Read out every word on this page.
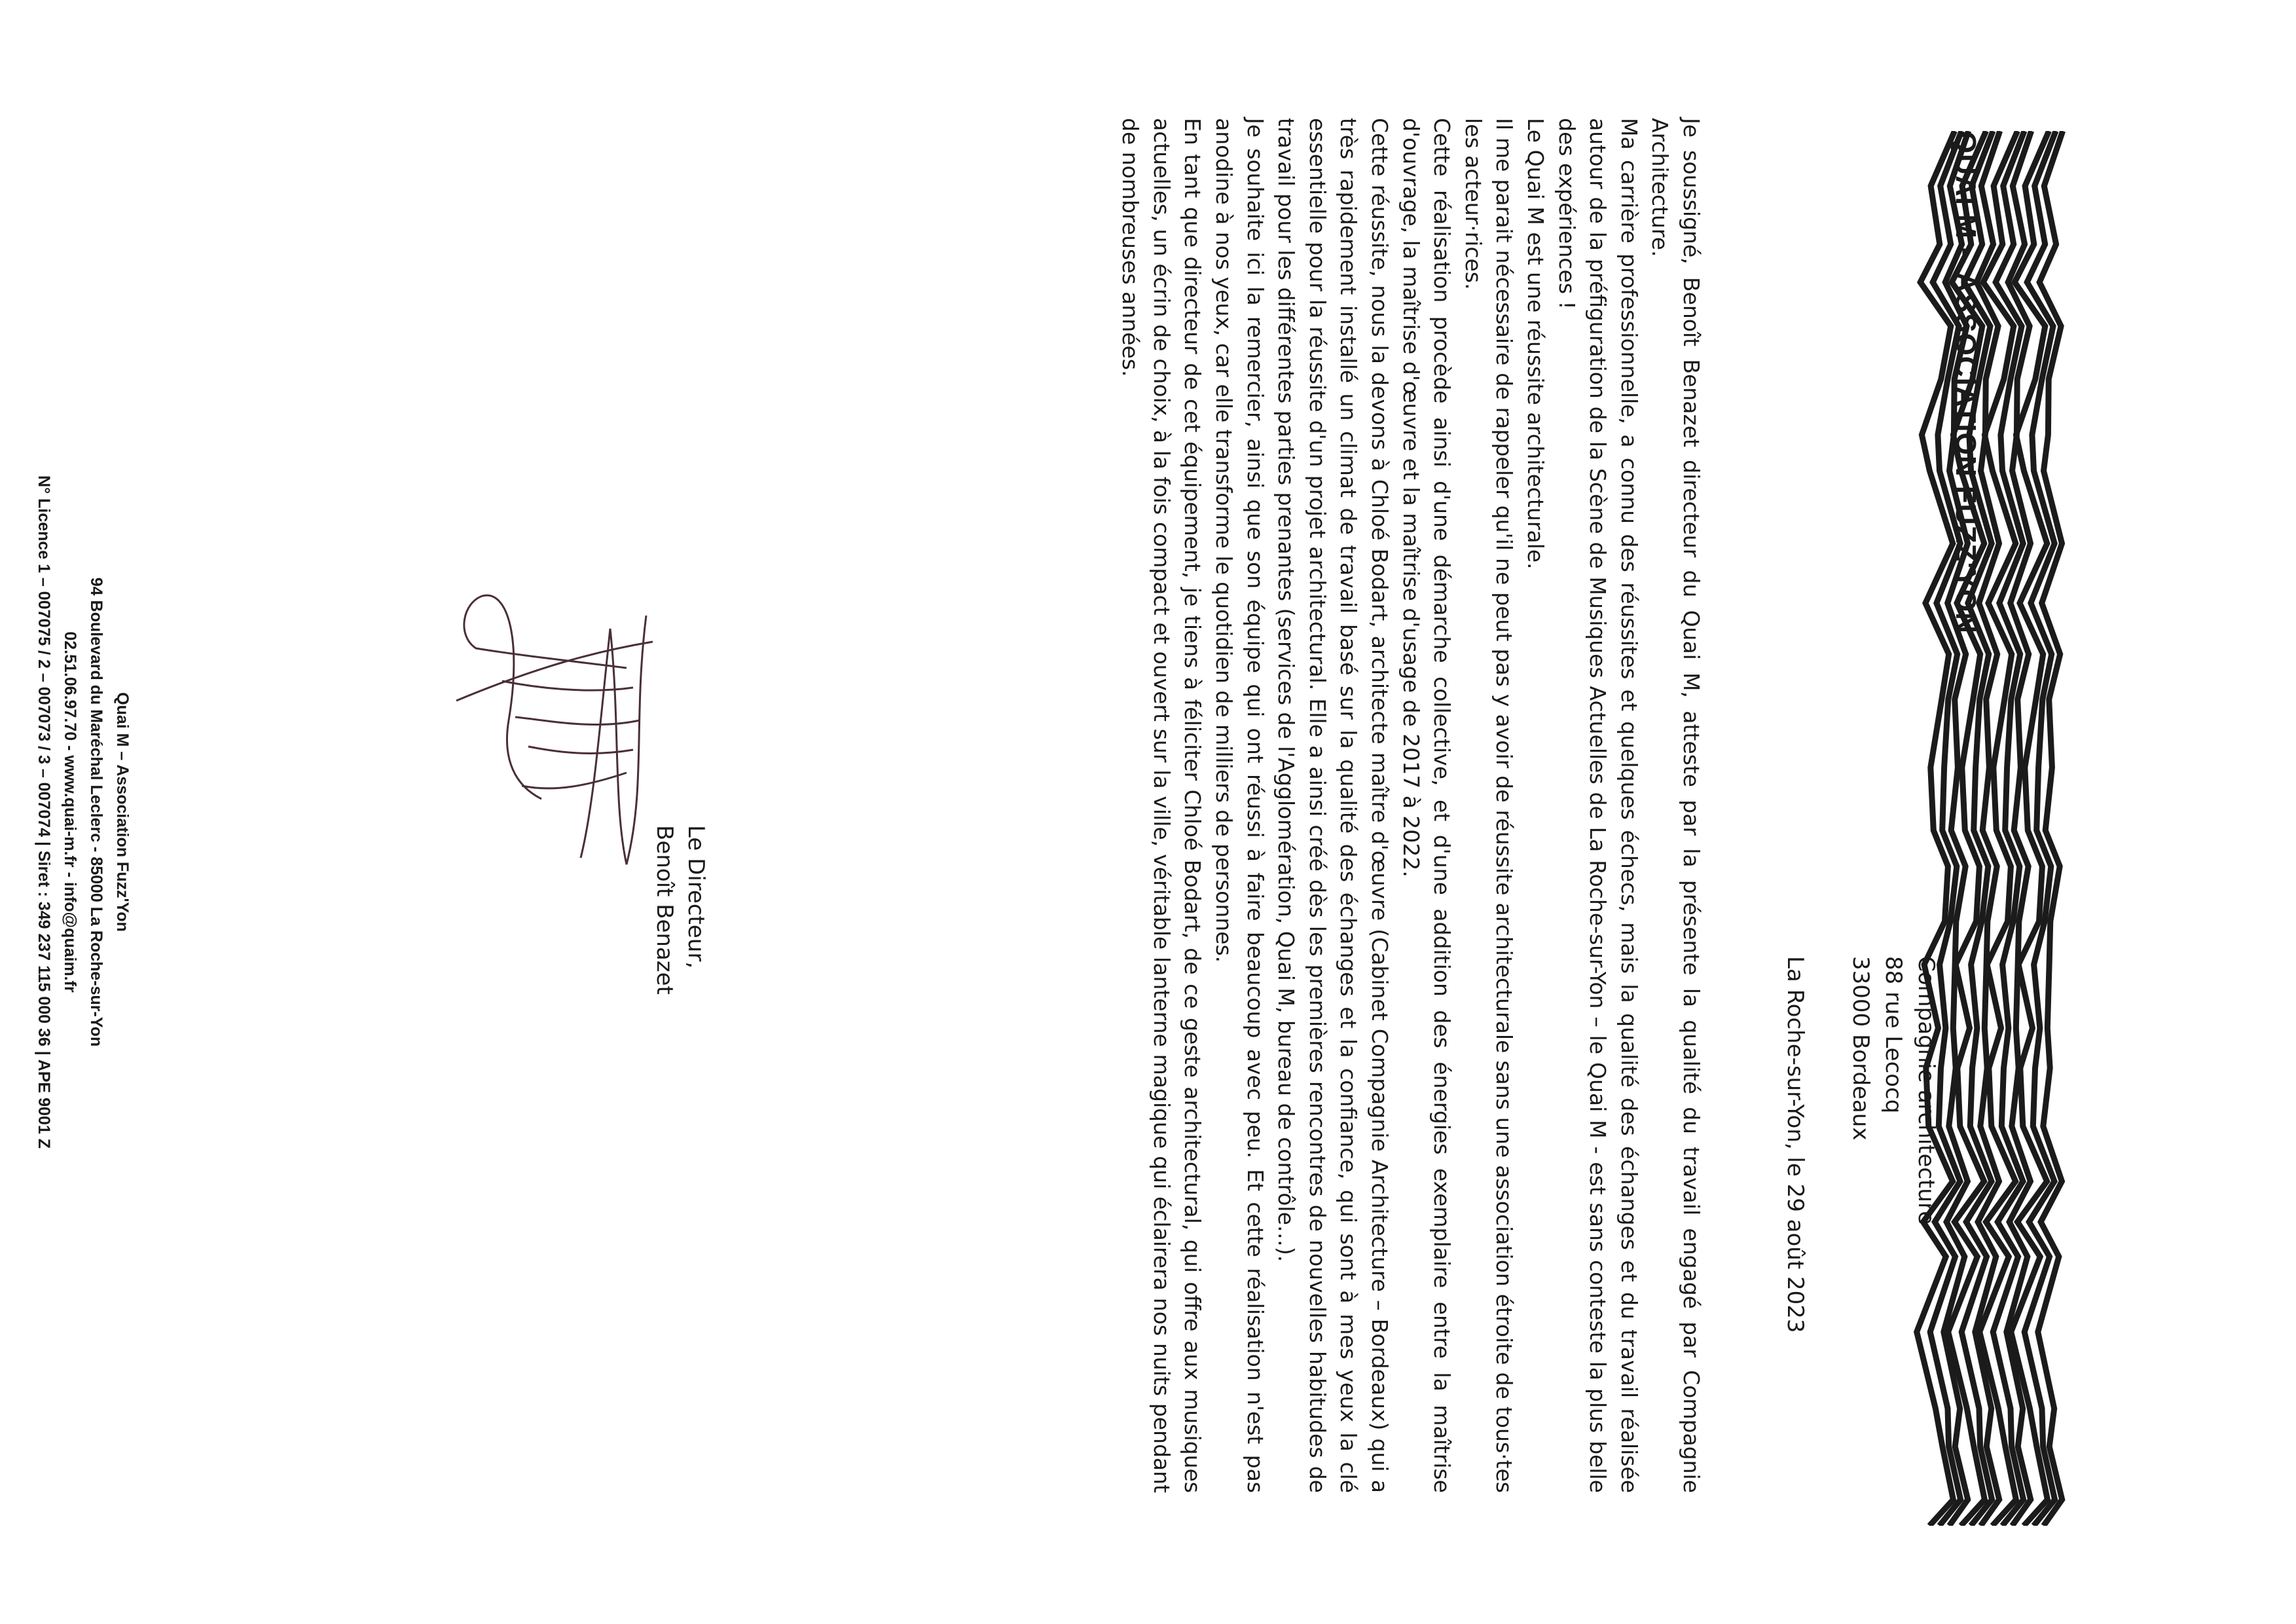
QUAI M – ASSOCIATION FUZZ'YON
Compagnie architecture
88 rue Lecocq
33000 Bordeaux
La Roche-sur-Yon, le 29 août 2023

Je soussigné, Benoît Benazet directeur du Quai M, atteste par la présente la qualité du travail engagé par Compagnie Architecture.

Ma carrière professionnelle, a connu des réussites et quelques échecs, mais la qualité des échanges et du travail réalisée autour de la préfiguration de la Scène de Musiques Actuelles de La Roche-sur-Yon – le Quai M - est sans conteste la plus belle des expériences !

Le Quai M est une réussite architecturale.

Il me parait nécessaire de rappeler qu'il ne peut pas y avoir de réussite architecturale sans une association étroite de tous·tes les acteur·rices.

Cette réalisation procède ainsi d'une démarche collective, et d'une addition des énergies exemplaire entre la maîtrise d'ouvrage, la maîtrise d'œuvre et la maîtrise d'usage de 2017 à 2022.

Cette réussite, nous la devons à Chloé Bodart, architecte maître d'œuvre (Cabinet Compagnie Architecture – Bordeaux) qui a très rapidement installé un climat de travail basé sur la qualité des échanges et la confiance, qui sont à mes yeux la clé essentielle pour la réussite d'un projet architectural. Elle a ainsi créé dès les premières rencontres de nouvelles habitudes de travail pour les différentes parties prenantes (services de l'Agglomération, Quai M, bureau de contrôle…).

Je souhaite ici la remercier, ainsi que son équipe qui ont réussi à faire beaucoup avec peu. Et cette réalisation n'est pas anodine à nos yeux, car elle transforme le quotidien de milliers de personnes.

En tant que directeur de cet équipement, je tiens à féliciter Chloé Bodart, de ce geste architectural, qui offre aux musiques actuelles, un écrin de choix, à la fois compact et ouvert sur la ville, véritable lanterne magique qui éclairera nos nuits pendant de nombreuses années.

Le Directeur,
Benoît Benazet
Quai M – Association Fuzz'Yon
94 Boulevard du Maréchal Leclerc - 85000 La Roche-sur-Yon
02.51.06.97.70 - www.quai-m.fr - info@quaim.fr
N° Licence 1 – 007075 / 2 – 007073 / 3 – 007074 | Siret : 349 237 115 000 36 | APE 9001 Z
